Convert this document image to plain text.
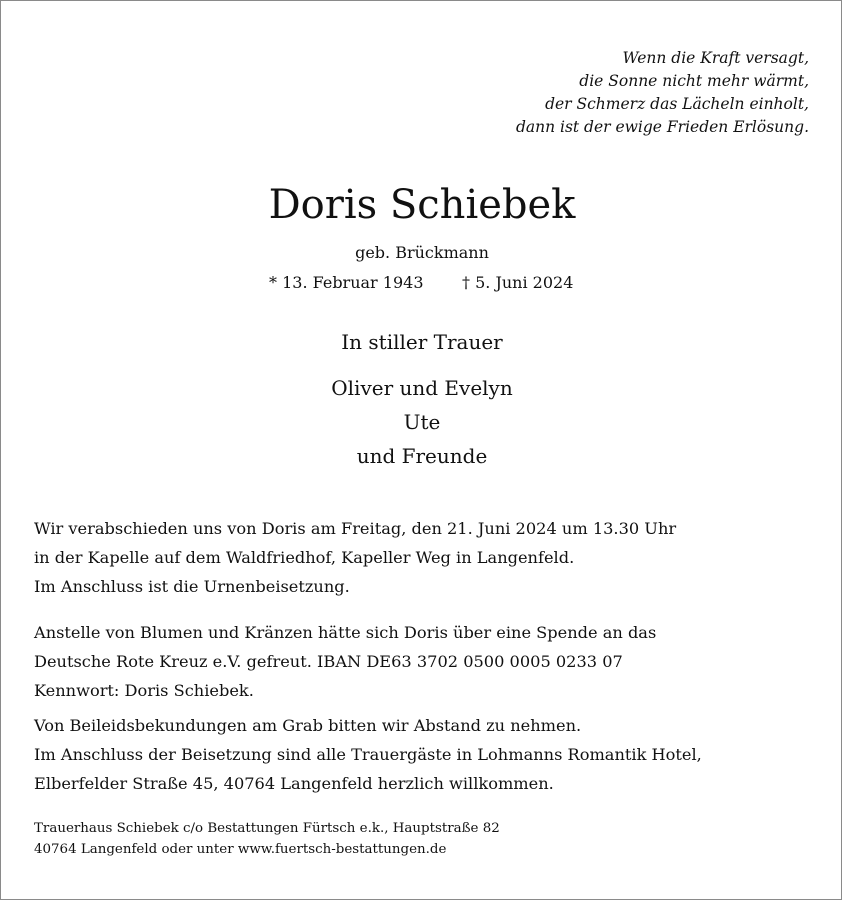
Wenn die Kraft versagt,
die Sonne nicht mehr wärmt,
der Schmerz das Lächeln einholt,
dann ist der ewige Frieden Erlösung.
Doris Schiebek
geb. Brückmann
* 13. Februar 1943 † 5. Juni 2024
In stiller Trauer
Oliver und Evelyn
Ute
und Freunde
Wir verabschieden uns von Doris am Freitag, den 21. Juni 2024 um 13.30 Uhr
in der Kapelle auf dem Waldfriedhof, Kapeller Weg in Langenfeld.
Im Anschluss ist die Urnenbeisetzung.
Anstelle von Blumen und Kränzen hätte sich Doris über eine Spende an das
Deutsche Rote Kreuz e.V. gefreut. IBAN DE63 3702 0500 0005 0233 07
Kennwort: Doris Schiebek.
Von Beileidsbekundungen am Grab bitten wir Abstand zu nehmen.
Im Anschluss der Beisetzung sind alle Trauergäste in Lohmanns Romantik Hotel,
Elberfelder Straße 45, 40764 Langenfeld herzlich willkommen.
Trauerhaus Schiebek c/o Bestattungen Fürtsch e.k., Hauptstraße 82
40764 Langenfeld oder unter www.fuertsch-bestattungen.de
